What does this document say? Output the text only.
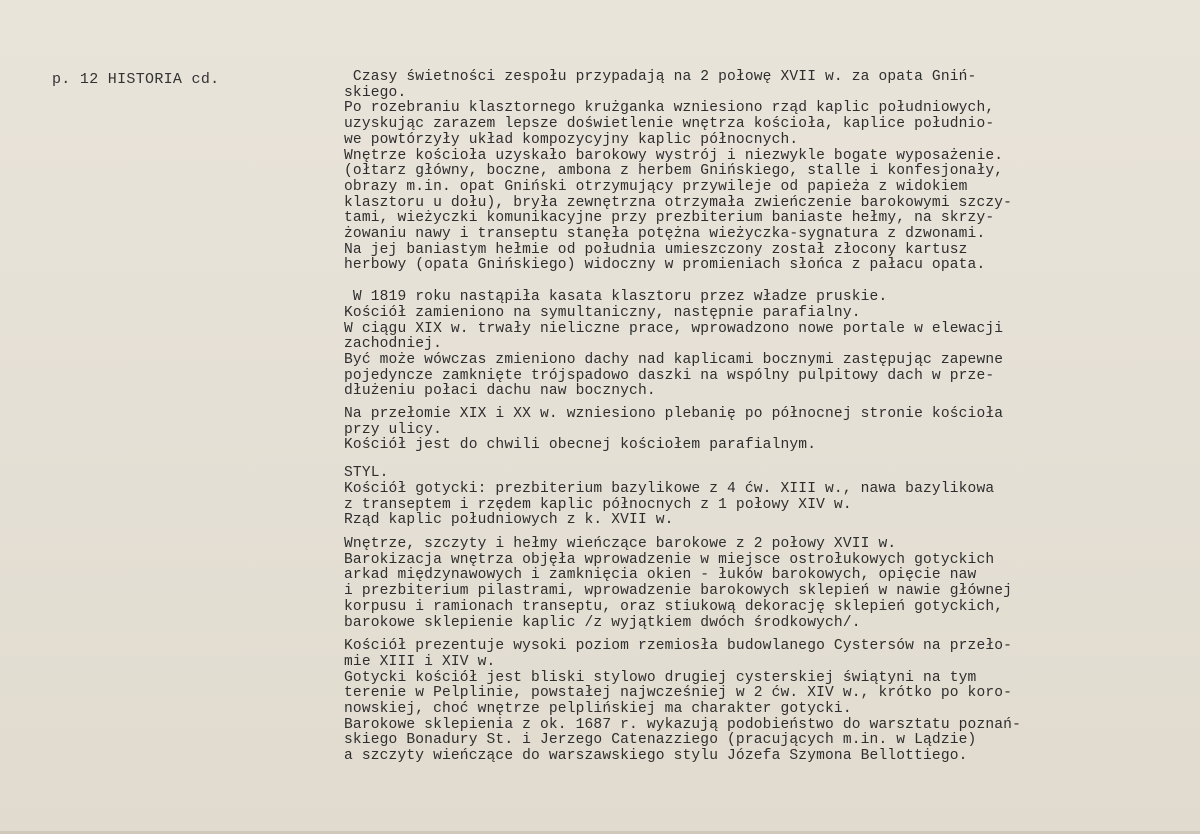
p. 12 HISTORIA cd.	Czasy świetności zespołu przypadają na 2 połowę XVII w. za opata Gniń-
skiego.
Po rozebraniu klasztornego krużganka wzniesiono rząd kaplic południowych,
uzyskując zarazem lepsze doświetlenie wnętrza kościoła, kaplice południo-
we powtórzyły układ kompozycyjny kaplic północnych.
Wnętrze kościoła uzyskało barokowy wystrój i niezwykle bogate wyposażenie.
(ołtarz główny, boczne, ambona z herbem Gnińskiego, stalle i konfesjonały,
obrazy m.in. opat Gniński otrzymujący przywileje od papieża z widokiem
klasztoru u dołu), bryła zewnętrzna otrzymała zwieńczenie barokowymi szczy-
tami, wieżyczki komunikacyjne przy prezbiterium baniaste hełmy, na skrzy-
żowaniu nawy i transeptu stanęła potężna wieżyczka-sygnatura z dzwonami.
Na jej baniastym hełmie od południa umieszczony został złocony kartusz
herbowy (opata Gnińskiego) widoczny w promieniach słońca z pałacu opata.
W 1819 roku nastąpiła kasata klasztoru przez władze pruskie.
Kościół zamieniono na symultaniczny, następnie parafialny.
W ciągu XIX w. trwały nieliczne prace, wprowadzono nowe portale w elewacji
zachodniej.
Być może wówczas zmieniono dachy nad kaplicami bocznymi zastępując zapewne
pojedyncze zamknięte trójspadowo daszki na wspólny pulpitowy dach w prze-
dłużeniu połaci dachu naw bocznych.
Na przełomie XIX i XX w. wzniesiono plebanię po północnej stronie kościoła
przy ulicy.
Kościół jest do chwili obecnej kościołem parafialnym.
STYL.
Kościół gotycki: prezbiterium bazylikowe z 4 ćw. XIII w., nawa bazylikowa
z transeptem i rzędem kaplic północnych z 1 połowy XIV w.
Rząd kaplic południowych z k. XVII w.
Wnętrze, szczyty i hełmy wieńczące barokowe z 2 połowy XVII w.
Barokizacja wnętrza objęła wprowadzenie w miejsce ostrołukowych gotyckich
arkad międzynawowych i zamknięcia okien - łuków barokowych, opięcie naw
i prezbiterium pilastrami, wprowadzenie barokowych sklepień w nawie głównej
korpusu i ramionach transeptu, oraz stiukową dekorację sklepień gotyckich,
barokowe sklepienie kaplic /z wyjątkiem dwóch środkowych/.
Kościół prezentuje wysoki poziom rzemiosła budowlanego Cystersów na przeło-
mie XIII i XIV w.
Gotycki kościół jest bliski stylowo drugiej cysterskiej świątyni na tym
terenie w Pelplinie, powstałej najwcześniej w 2 ćw. XIV w., krótko po koro-
nowskiej, choć wnętrze pelplińskiej ma charakter gotycki.
Barokowe sklepienia z ok. 1687 r. wykazują podobieństwo do warsztatu poznań-
skiego Bonadury St. i Jerzego Catenazziego (pracujących m.in. w Lądzie)
a szczyty wieńczące do warszawskiego stylu Józefa Szymona Bellottiego.
